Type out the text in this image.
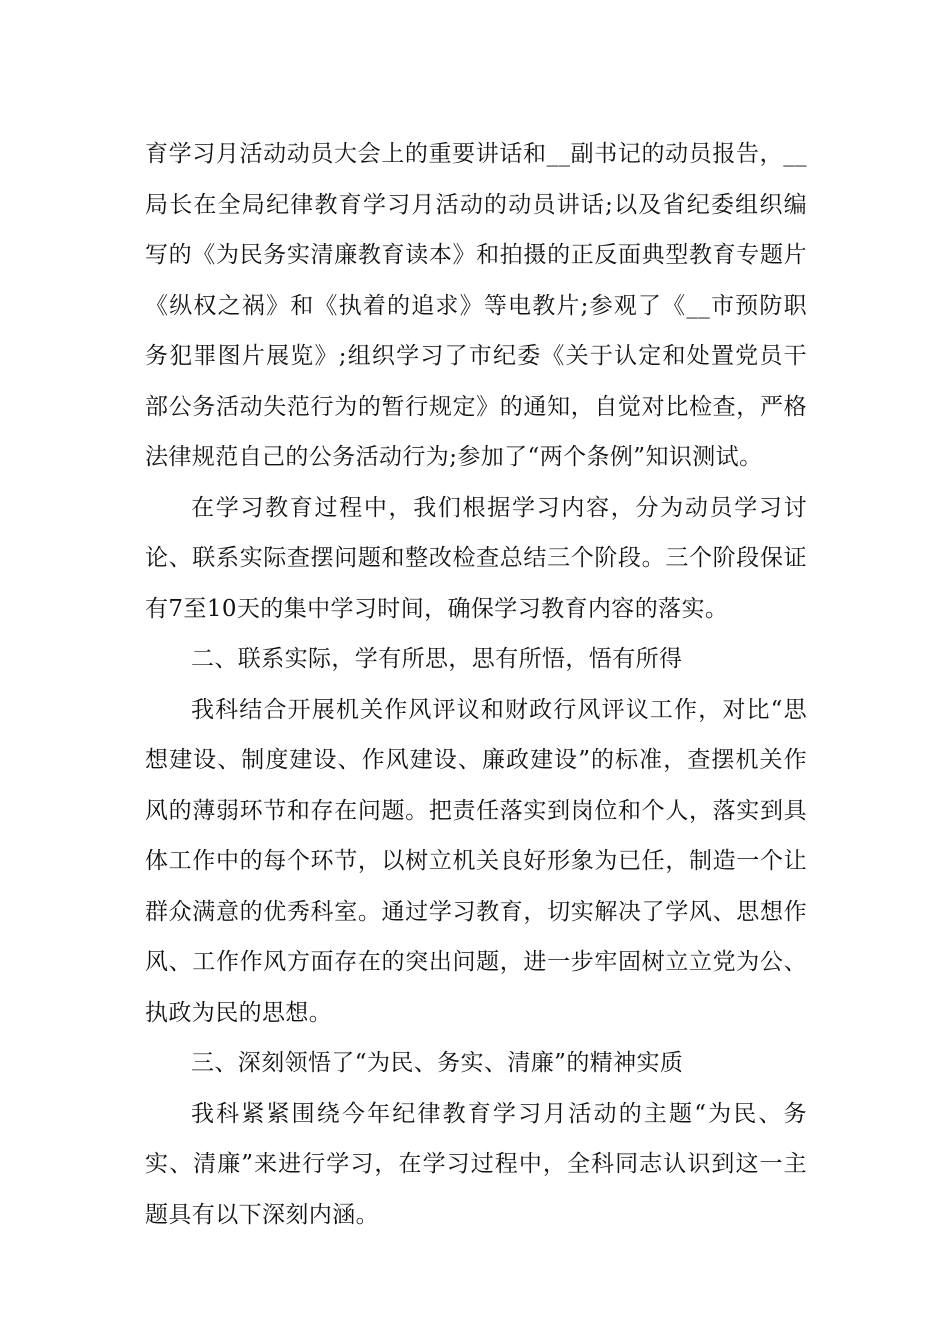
育学习月活动动员大会上的重要讲话和__副书记的动员报告，__局长在全局纪律教育学习月活动的动员讲话;以及省纪委组织编写的《为民务实清廉教育读本》和拍摄的正反面典型教育专题片《纵权之祸》和《执着的追求》等电教片;参观了《__市预防职务犯罪图片展览》;组织学习了市纪委《关于认定和处置党员干部公务活动失范行为的暂行规定》的通知，自觉对比检查，严格法律规范自己的公务活动行为;参加了“两个条例”知识测试。

在学习教育过程中，我们根据学习内容，分为动员学习讨论、联系实际查摆问题和整改检查总结三个阶段。三个阶段保证有7至10天的集中学习时间，确保学习教育内容的落实。

二、联系实际，学有所思，思有所悟，悟有所得

我科结合开展机关作风评议和财政行风评议工作，对比“思想建设、制度建设、作风建设、廉政建设”的标准，查摆机关作风的薄弱环节和存在问题。把责任落实到岗位和个人，落实到具体工作中的每个环节，以树立机关良好形象为已任，制造一个让群众满意的优秀科室。通过学习教育，切实解决了学风、思想作风、工作作风方面存在的突出问题，进一步牢固树立立党为公、执政为民的思想。

三、深刻领悟了“为民、务实、清廉”的精神实质

我科紧紧围绕今年纪律教育学习月活动的主题“为民、务实、清廉”来进行学习，在学习过程中，全科同志认识到这一主题具有以下深刻内涵。
